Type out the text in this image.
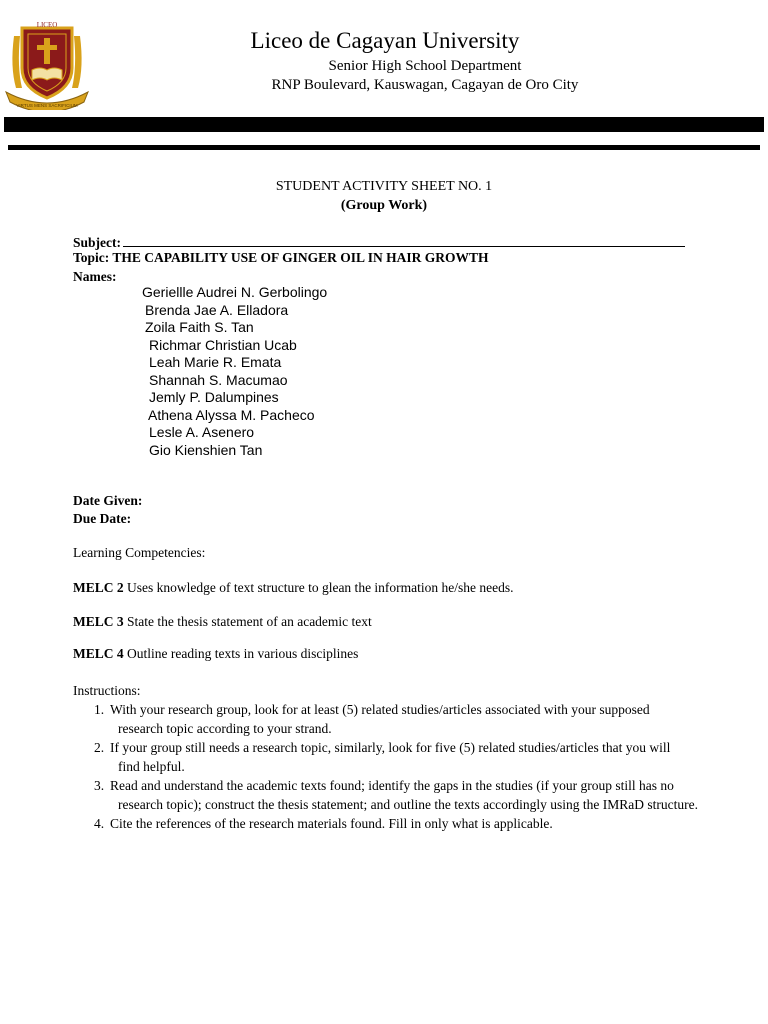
LICEO
VIRTUS MENS SACRIFICIUM
Liceo de Cagayan University
Senior High School Department
RNP Boulevard, Kauswagan, Cagayan de Oro City
STUDENT ACTIVITY SHEET NO. 1
(Group Work)
Subject:
Topic: THE CAPABILITY USE OF GINGER OIL IN HAIR GROWTH
Names:
Geriellle Audrei N. Gerbolingo
Brenda Jae A. Elladora
Zoila Faith S. Tan
Richmar Christian Ucab
Leah Marie R. Emata
Shannah S. Macumao
Jemly P. Dalumpines
Athena Alyssa M. Pacheco
Lesle A. Asenero
Gio Kienshien Tan
Date Given:
Due Date:
Learning Competencies:
MELC 2 Uses knowledge of text structure to glean the information he/she needs.
MELC 3 State the thesis statement of an academic text
MELC 4 Outline reading texts in various disciplines
Instructions:
1. With your research group, look for at least (5) related studies/articles associated with your supposed
research topic according to your strand.
2. If your group still needs a research topic, similarly, look for five (5) related studies/articles that you will
find helpful.
3. Read and understand the academic texts found; identify the gaps in the studies (if your group still has no
research topic); construct the thesis statement; and outline the texts accordingly using the IMRaD structure.
4. Cite the references of the research materials found. Fill in only what is applicable.
